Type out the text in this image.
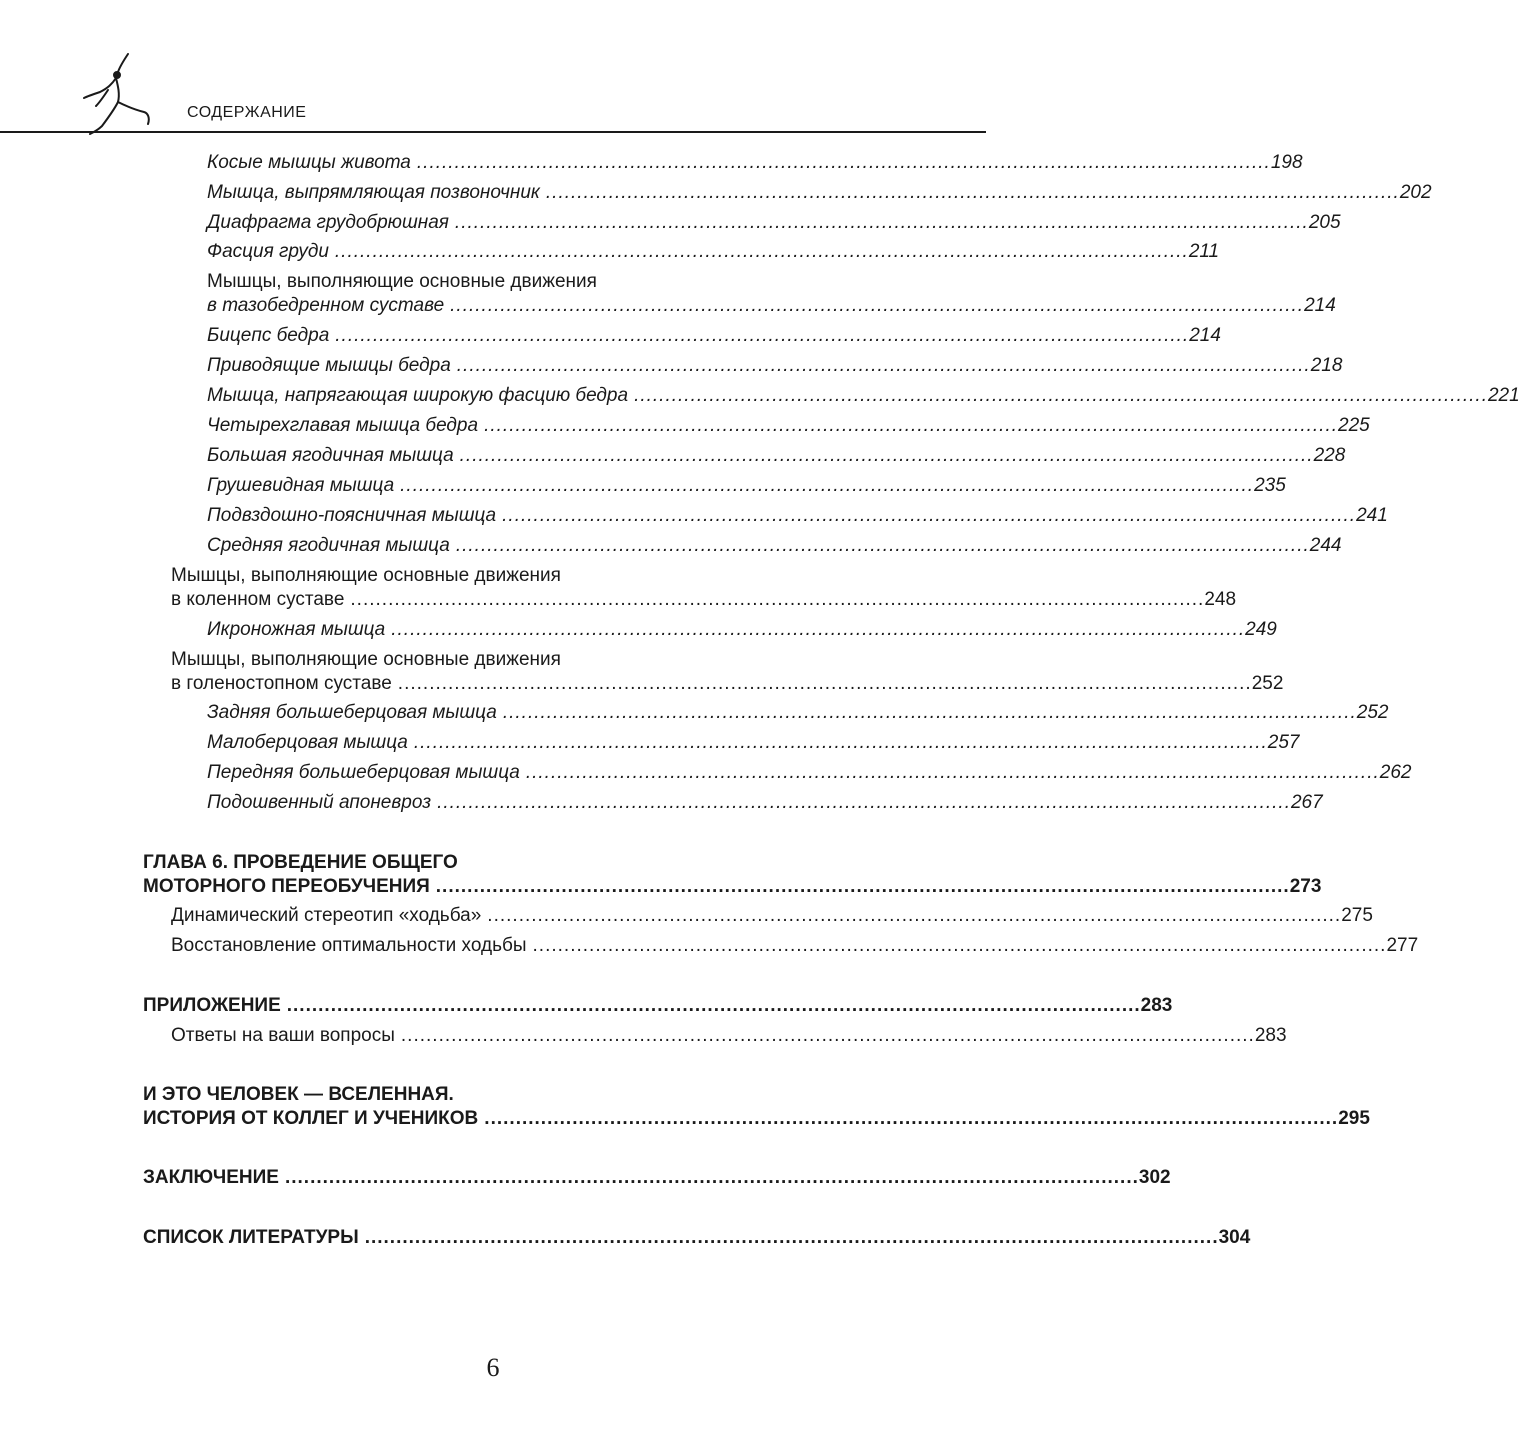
СОДЕРЖАНИЕ
Косые мышцы живота ........................................................................................................................................ 198
Мышца, выпрямляющая позвоночник ........................................................................................................................................ 202
Диафрагма грудобрюшная ........................................................................................................................................ 205
Фасция груди ........................................................................................................................................ 211
Мышцы, выполняющие основные движения
в тазобедренном суставе ........................................................................................................................................ 214
Бицепс бедра ........................................................................................................................................ 214
Приводящие мышцы бедра ........................................................................................................................................ 218
Мышца, напрягающая широкую фасцию бедра ........................................................................................................................................ 221
Четырехглавая мышца бедра ........................................................................................................................................ 225
Большая ягодичная мышца ........................................................................................................................................ 228
Грушевидная мышца ........................................................................................................................................ 235
Подвздошно-поясничная мышца ........................................................................................................................................ 241
Средняя ягодичная мышца ........................................................................................................................................ 244
Мышцы, выполняющие основные движения
в коленном суставе ........................................................................................................................................ 248
Икроножная мышца ........................................................................................................................................ 249
Мышцы, выполняющие основные движения
в голеностопном суставе ........................................................................................................................................ 252
Задняя большеберцовая мышца ........................................................................................................................................ 252
Малоберцовая мышца ........................................................................................................................................ 257
Передняя большеберцовая мышца ........................................................................................................................................ 262
Подошвенный апоневроз ........................................................................................................................................ 267
ГЛАВА 6. ПРОВЕДЕНИЕ ОБЩЕГО
МОТОРНОГО ПЕРЕОБУЧЕНИЯ ........................................................................................................................................ 273
Динамический стереотип «ходьба» ........................................................................................................................................ 275
Восстановление оптимальности ходьбы ........................................................................................................................................ 277
ПРИЛОЖЕНИЕ ........................................................................................................................................ 283
Ответы на ваши вопросы ........................................................................................................................................ 283
И ЭТО ЧЕЛОВЕК — ВСЕЛЕННАЯ.
ИСТОРИЯ ОТ КОЛЛЕГ И УЧЕНИКОВ ........................................................................................................................................ 295
ЗАКЛЮЧЕНИЕ ........................................................................................................................................ 302
СПИСОК ЛИТЕРАТУРЫ ........................................................................................................................................ 304
6
